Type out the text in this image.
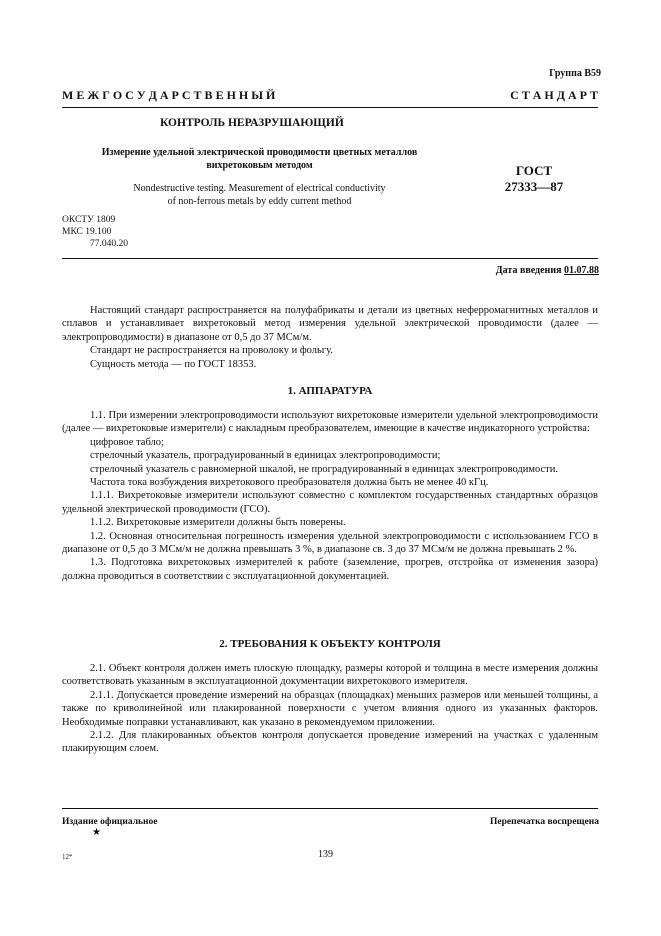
Группа В59
М Е Ж Г О С У Д А Р С Т В Е Н Н Ы Й	С Т А Н Д А Р Т
КОНТРОЛЬ НЕРАЗРУШАЮЩИЙ
Измерение удельной электрической проводимости цветных металлов
вихретоковым методом
Nondestructive testing. Measurement of electrical conductivity
of non-ferrous metals by eddy current method
ГОСТ
27333—87
ОКСТУ 1809
МКС 19.100
77.040.20
Дата введения 01.07.88

Настоящий стандарт распространяется на полуфабрикаты и детали из цветных неферромагнитных металлов и сплавов и устанавливает вихретоковый метод измерения удельной электрической проводимости (далее — электропроводимости) в диапазоне от 0,5 до 37 МСм/м.

Стандарт не распространяется на проволоку и фольгу.

Сущность метода — по ГОСТ 18353.

1. АППАРАТУРА

1.1. При измерении электропроводимости используют вихретоковые измерители удельной электропроводимости (далее — вихретоковые измерители) с накладным преобразователем, имеющие в качестве индикаторного устройства:

цифровое табло;

стрелочный указатель, проградуированный в единицах электропроводимости;

стрелочный указатель с равномерной шкалой, не проградуированный в единицах электропроводимости.

Частота тока возбуждения вихретокового преобразователя должна быть не менее 40 кГц.

1.1.1. Вихретоковые измерители используют совместно с комплектом государственных стандартных образцов удельной электрической проводимости (ГСО).

1.1.2. Вихретоковые измерители должны быть поверены.

1.2. Основная относительная погрешность измерения удельной электропроводимости с использованием ГСО в диапазоне от 0,5 до 3 МСм/м не должна превышать 3 %, в диапазоне св. 3 до 37 МСм/м не должна превышать 2 %.

1.3. Подготовка вихретоковых измерителей к работе (заземление, прогрев, отстройка от изменения зазора) должна проводиться в соответствии с эксплуатационной документацией.

2. ТРЕБОВАНИЯ К ОБЪЕКТУ КОНТРОЛЯ

2.1. Объект контроля должен иметь плоскую площадку, размеры которой и толщина в месте измерения должны соответствовать указанным в эксплуатационной документации вихретокового измерителя.

2.1.1. Допускается проведение измерений на образцах (площадках) меньших размеров или меньшей толщины, а также по криволинейной или плакированной поверхности с учетом влияния одного из указанных факторов. Необходимые поправки устанавливают, как указано в рекомендуемом приложении.

2.1.2. Для плакированных объектов контроля допускается проведение измерений на участках с удаленным плакирующим слоем.

Издание официальное
★
Перепечатка воспрещена
12*	139
